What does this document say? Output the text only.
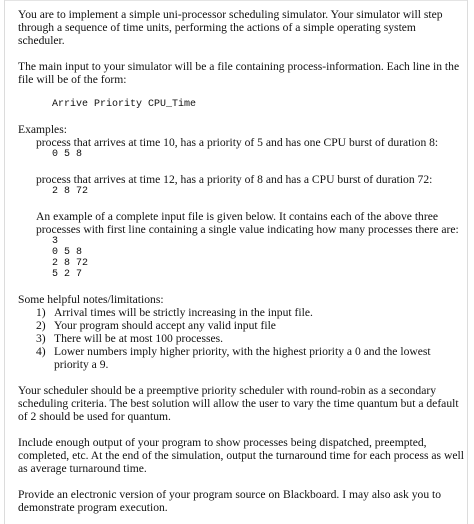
You are to implement a simple uni-processor scheduling simulator. Your simulator will step through a sequence of time units, performing the actions of a simple operating system scheduler.

The main input to your simulator will be a file containing process-information. Each line in the file will be of the form:

Arrive Priority CPU_Time

Examples:

process that arrives at time 10, has a priority of 5 and has one CPU burst of duration 8:

0 5 8

process that arrives at time 12, has a priority of 8 and has a CPU burst of duration 72:

2 8 72

An example of a complete input file is given below. It contains each of the above three processes with first line containing a single value indicating how many processes there are:

3

0 5 8

2 8 72

5 2 7

Some helpful notes/limitations:

1) Arrival times will be strictly increasing in the input file.
2) Your program should accept any valid input file
3) There will be at most 100 processes.
4) Lower numbers imply higher priority, with the highest priority a 0 and the lowest priority a 9.

Your scheduler should be a preemptive priority scheduler with round-robin as a secondary scheduling criteria. The best solution will allow the user to vary the time quantum but a default of 2 should be used for quantum.

Include enough output of your program to show processes being dispatched, preempted, completed, etc. At the end of the simulation, output the turnaround time for each process as well as average turnaround time.

Provide an electronic version of your program source on Blackboard. I may also ask you to demonstrate program execution.
